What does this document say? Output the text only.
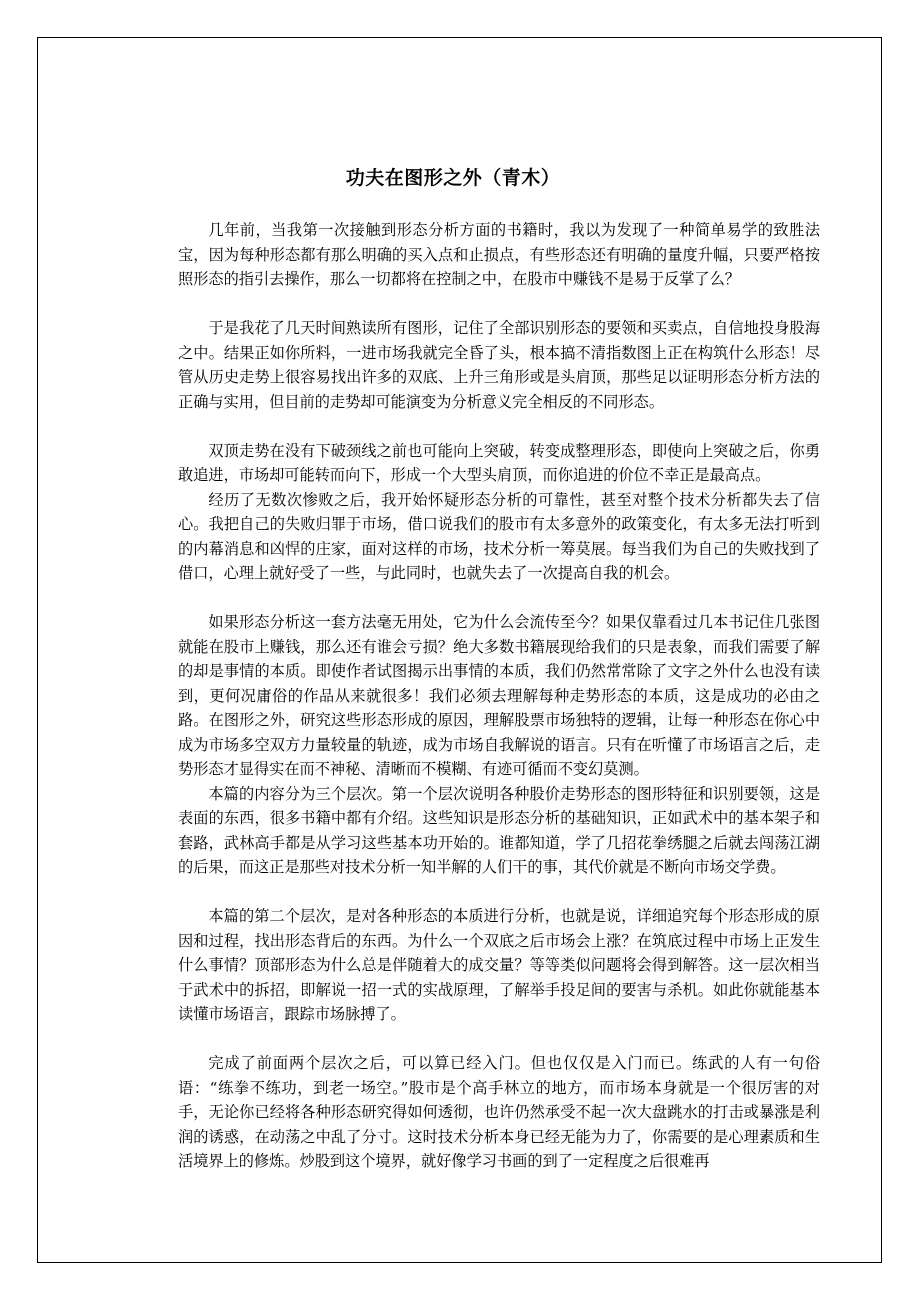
功夫在图形之外（青木）

几年前，当我第一次接触到形态分析方面的书籍时，我以为发现了一种简单易学的致胜法宝，因为每种形态都有那么明确的买入点和止损点，有些形态还有明确的量度升幅，只要严格按照形态的指引去操作，那么一切都将在控制之中，在股市中赚钱不是易于反掌了么？

于是我花了几天时间熟读所有图形，记住了全部识别形态的要领和买卖点，自信地投身股海之中。结果正如你所料，一进市场我就完全昏了头，根本搞不清指数图上正在构筑什么形态！尽管从历史走势上很容易找出许多的双底、上升三角形或是头肩顶，那些足以证明形态分析方法的正确与实用，但目前的走势却可能演变为分析意义完全相反的不同形态。

双顶走势在没有下破颈线之前也可能向上突破，转变成整理形态，即使向上突破之后，你勇敢追进，市场却可能转而向下，形成一个大型头肩顶，而你追进的价位不幸正是最高点。

经历了无数次惨败之后，我开始怀疑形态分析的可靠性，甚至对整个技术分析都失去了信心。我把自己的失败归罪于市场，借口说我们的股市有太多意外的政策变化，有太多无法打听到的内幕消息和凶悍的庄家，面对这样的市场，技术分析一筹莫展。每当我们为自己的失败找到了借口，心理上就好受了一些，与此同时，也就失去了一次提高自我的机会。

如果形态分析这一套方法毫无用处，它为什么会流传至今？如果仅靠看过几本书记住几张图就能在股市上赚钱，那么还有谁会亏损？绝大多数书籍展现给我们的只是表象，而我们需要了解的却是事情的本质。即使作者试图揭示出事情的本质，我们仍然常常除了文字之外什么也没有读到，更何况庸俗的作品从来就很多！我们必须去理解每种走势形态的本质，这是成功的必由之路。在图形之外，研究这些形态形成的原因，理解股票市场独特的逻辑，让每一种形态在你心中成为市场多空双方力量较量的轨迹，成为市场自我解说的语言。只有在听懂了市场语言之后，走势形态才显得实在而不神秘、清晰而不模糊、有迹可循而不变幻莫测。

本篇的内容分为三个层次。第一个层次说明各种股价走势形态的图形特征和识别要领，这是表面的东西，很多书籍中都有介绍。这些知识是形态分析的基础知识，正如武术中的基本架子和套路，武林高手都是从学习这些基本功开始的。谁都知道，学了几招花拳绣腿之后就去闯荡江湖的后果，而这正是那些对技术分析一知半解的人们干的事，其代价就是不断向市场交学费。

本篇的第二个层次，是对各种形态的本质进行分析，也就是说，详细追究每个形态形成的原因和过程，找出形态背后的东西。为什么一个双底之后市场会上涨？在筑底过程中市场上正发生什么事情？顶部形态为什么总是伴随着大的成交量？等等类似问题将会得到解答。这一层次相当于武术中的拆招，即解说一招一式的实战原理，了解举手投足间的要害与杀机。如此你就能基本读懂市场语言，跟踪市场脉搏了。

完成了前面两个层次之后，可以算已经入门。但也仅仅是入门而已。练武的人有一句俗语：“练拳不练功，到老一场空。”股市是个高手林立的地方，而市场本身就是一个很厉害的对手，无论你已经将各种形态研究得如何透彻，也许仍然承受不起一次大盘跳水的打击或暴涨是利润的诱惑，在动荡之中乱了分寸。这时技术分析本身已经无能为力了，你需要的是心理素质和生活境界上的修炼。炒股到这个境界，就好像学习书画的到了一定程度之后很难再
